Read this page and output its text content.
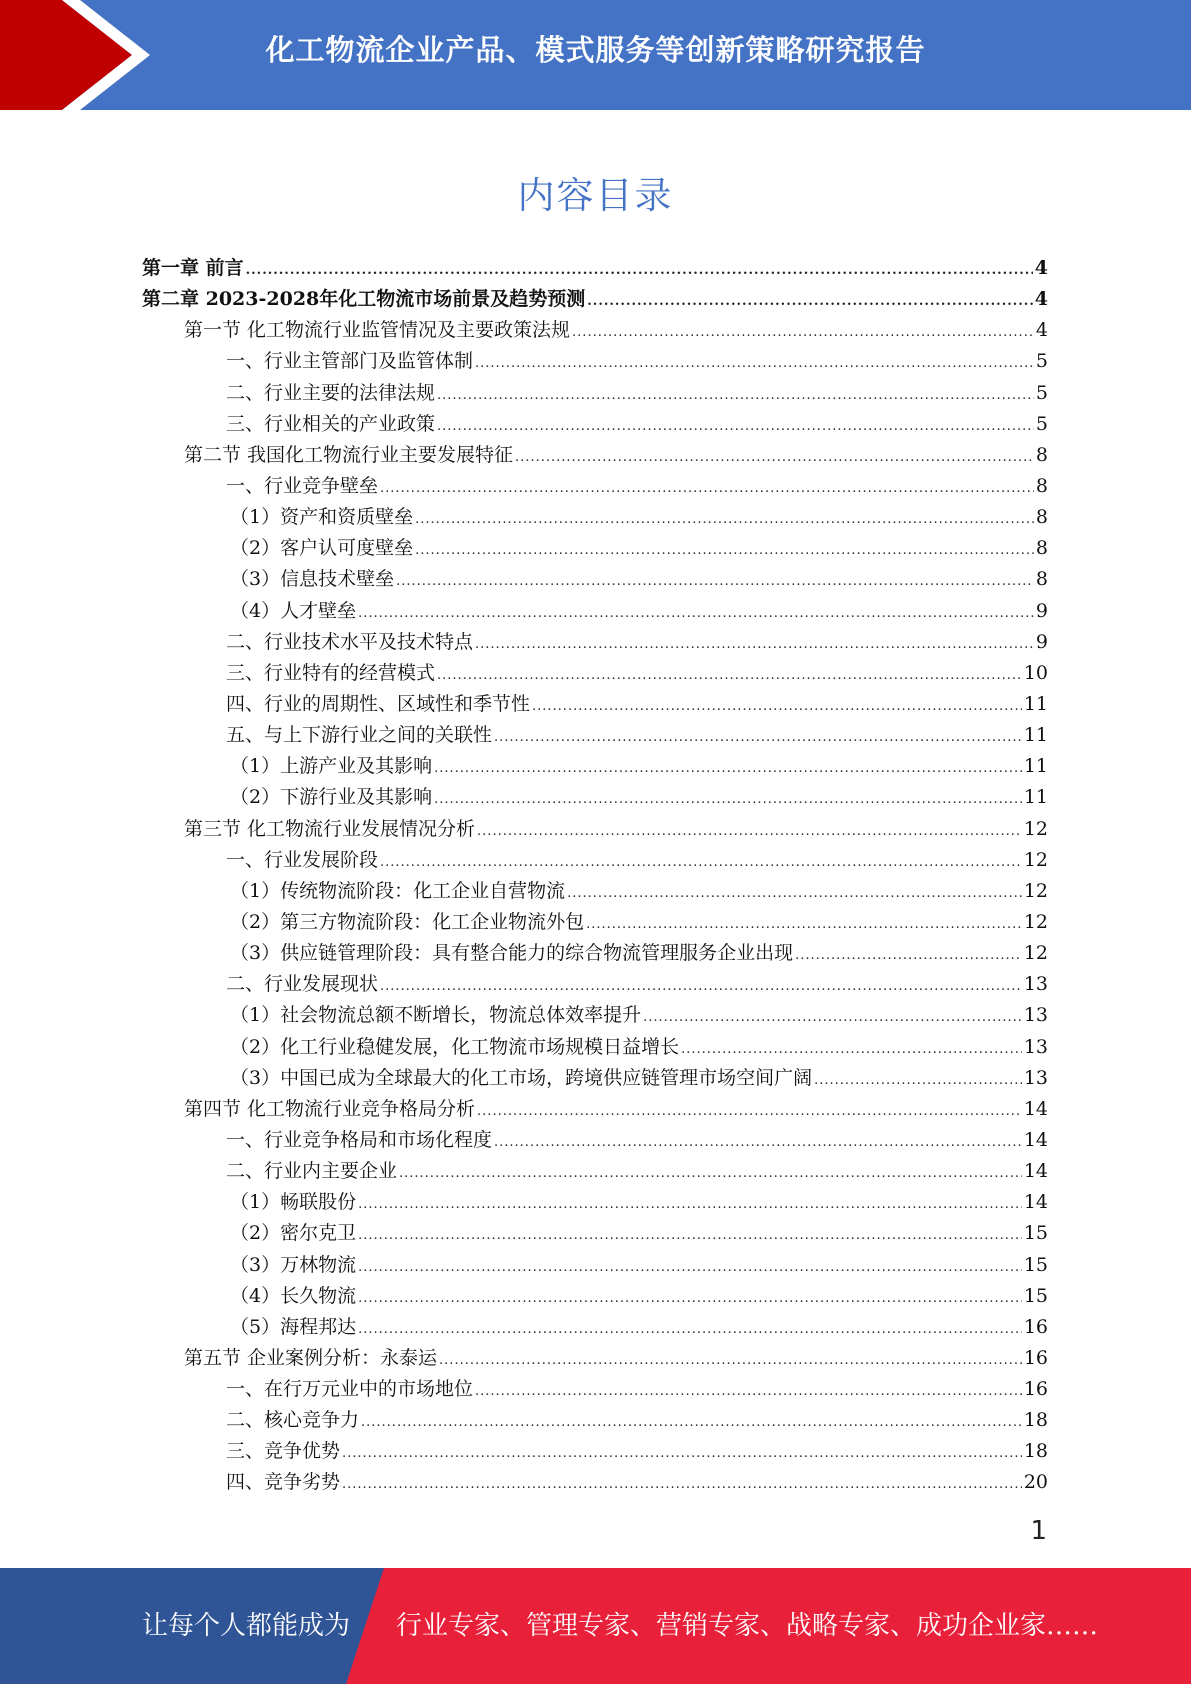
化工物流企业产品、模式服务等创新策略研究报告
内容目录
第一章 前言 .....	4
第二章 2023-2028年化工物流市场前景及趋势预测 .....	4
第一节 化工物流行业监管情况及主要政策法规 .....	4
一、行业主管部门及监管体制 .....	5
二、行业主要的法律法规 .....	5
三、行业相关的产业政策 .....	5
第二节 我国化工物流行业主要发展特征 .....	8
一、行业竞争壁垒 .....	8
（1）资产和资质壁垒 .....	8
（2）客户认可度壁垒 .....	8
（3）信息技术壁垒 .....	8
（4）人才壁垒 .....	9
二、行业技术水平及技术特点 .....	9
三、行业特有的经营模式 .....	10
四、行业的周期性、区域性和季节性 .....	11
五、与上下游行业之间的关联性 .....	11
（1）上游产业及其影响 .....	11
（2）下游行业及其影响 .....	11
第三节 化工物流行业发展情况分析 .....	12
一、行业发展阶段 .....	12
（1）传统物流阶段：化工企业自营物流 .....	12
（2）第三方物流阶段：化工企业物流外包 .....	12
（3）供应链管理阶段：具有整合能力的综合物流管理服务企业出现 .....	12
二、行业发展现状 .....	13
（1）社会物流总额不断增长，物流总体效率提升 .....	13
（2）化工行业稳健发展，化工物流市场规模日益增长 .....	13
（3）中国已成为全球最大的化工市场，跨境供应链管理市场空间广阔 .....	13
第四节 化工物流行业竞争格局分析 .....	14
一、行业竞争格局和市场化程度 .....	14
二、行业内主要企业 .....	14
（1）畅联股份 .....	14
（2）密尔克卫 .....	15
（3）万林物流 .....	15
（4）长久物流 .....	15
（5）海程邦达 .....	16
第五节 企业案例分析：永泰运 .....	16
一、在行万元业中的市场地位 .....	16
二、核心竞争力 .....	18
三、竞争优势 .....	18
四、竞争劣势 .....	20
1
让每个人都能成为 行业专家、管理专家、营销专家、战略专家、成功企业家……
